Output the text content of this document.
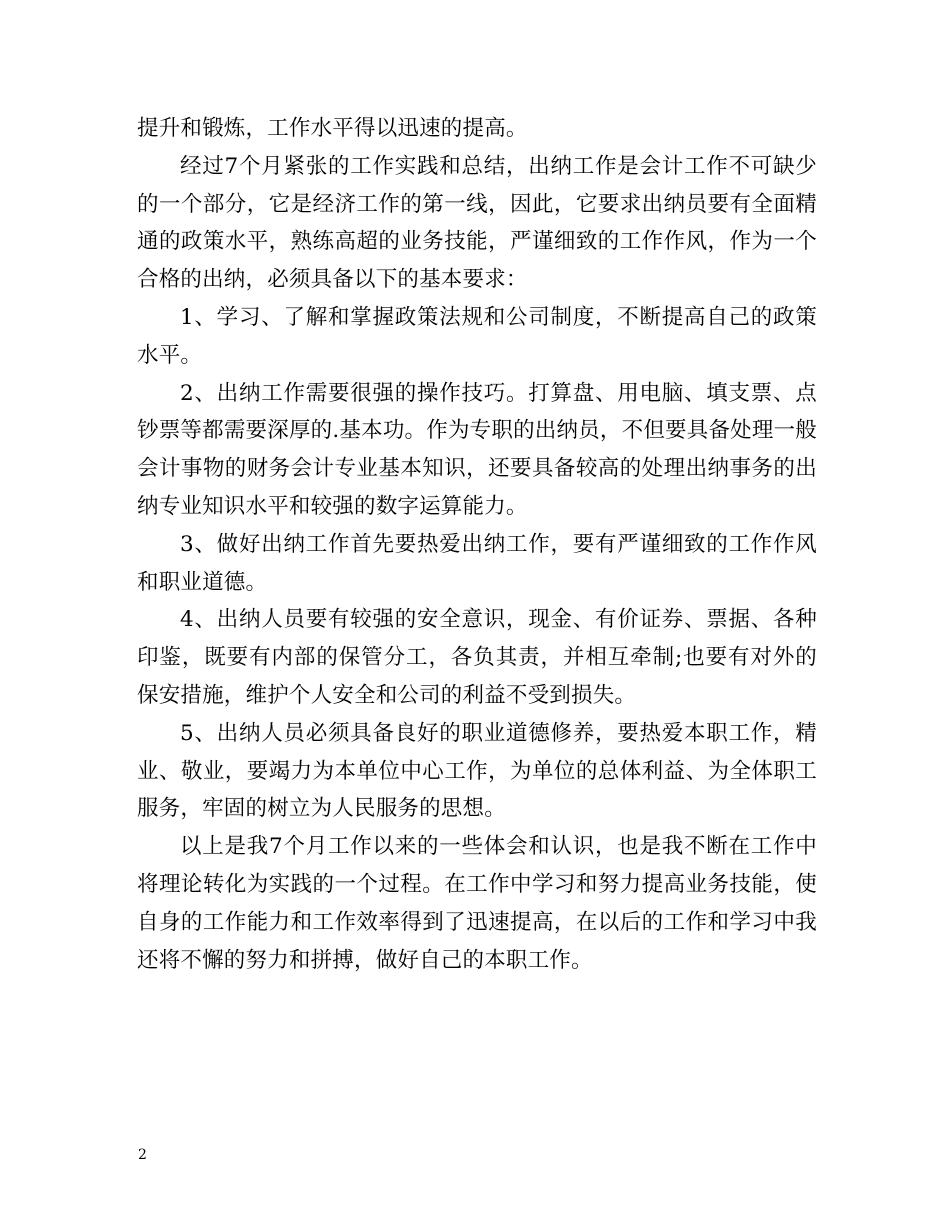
提升和锻炼，工作水平得以迅速的提高。

经过7个月紧张的工作实践和总结，出纳工作是会计工作不可缺少的一个部分，它是经济工作的第一线，因此，它要求出纳员要有全面精通的政策水平，熟练高超的业务技能，严谨细致的工作作风，作为一个合格的出纳，必须具备以下的基本要求：

1、学习、了解和掌握政策法规和公司制度，不断提高自己的政策水平。

2、出纳工作需要很强的操作技巧。打算盘、用电脑、填支票、点钞票等都需要深厚的.基本功。作为专职的出纳员，不但要具备处理一般会计事物的财务会计专业基本知识，还要具备较高的处理出纳事务的出纳专业知识水平和较强的数字运算能力。

3、做好出纳工作首先要热爱出纳工作，要有严谨细致的工作作风和职业道德。

4、出纳人员要有较强的安全意识，现金、有价证券、票据、各种印鉴，既要有内部的保管分工，各负其责，并相互牵制;也要有对外的保安措施，维护个人安全和公司的利益不受到损失。

5、出纳人员必须具备良好的职业道德修养，要热爱本职工作，精业、敬业，要竭力为本单位中心工作，为单位的总体利益、为全体职工服务，牢固的树立为人民服务的思想。

以上是我7个月工作以来的一些体会和认识，也是我不断在工作中将理论转化为实践的一个过程。在工作中学习和努力提高业务技能，使自身的工作能力和工作效率得到了迅速提高，在以后的工作和学习中我还将不懈的努力和拼搏，做好自己的本职工作。

2
